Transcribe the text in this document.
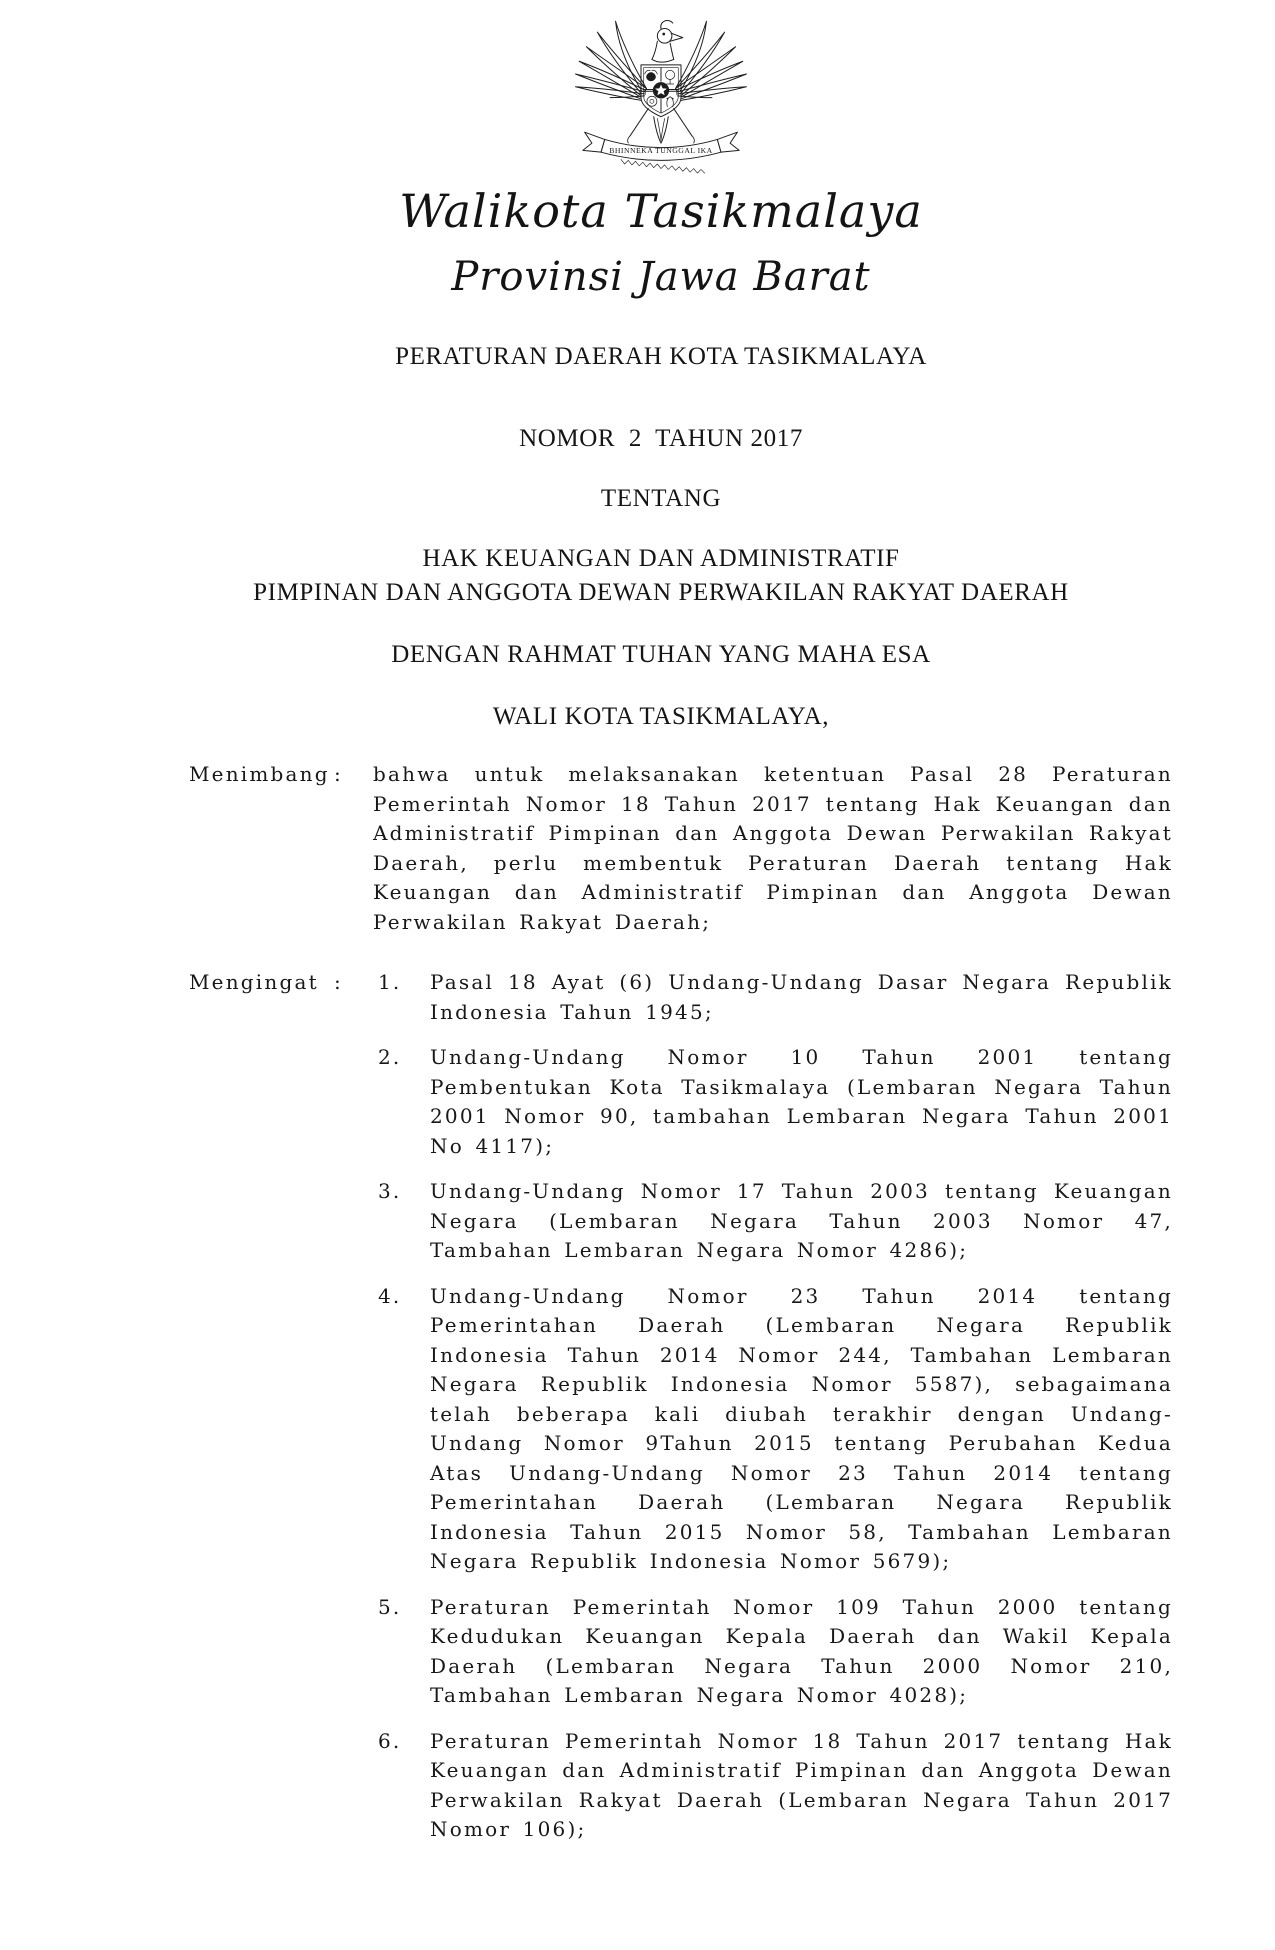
BHINNEKA TUNGGAL IKA
Walikota Tasikmalaya
Provinsi Jawa Barat
PERATURAN DAERAH KOTA TASIKMALAYA
NOMOR  2  TAHUN 2017
TENTANG
HAK KEUANGAN DAN ADMINISTRATIF
PIMPINAN DAN ANGGOTA DEWAN PERWAKILAN RAKYAT DAERAH
DENGAN RAHMAT TUHAN YANG MAHA ESA
WALI KOTA TASIKMALAYA,
Menimbang :	bahwa untuk melaksanakan ketentuan Pasal 28 Peraturan Pemerintah Nomor 18 Tahun 2017 tentang Hak Keuangan dan Administratif Pimpinan dan Anggota Dewan Perwakilan Rakyat Daerah, perlu membentuk Peraturan Daerah tentang Hak Keuangan dan Administratif Pimpinan dan Anggota Dewan Perwakilan Rakyat Daerah;
Mengingat :	1.	Pasal 18 Ayat (6) Undang-Undang Dasar Negara Republik Indonesia Tahun 1945;
2.	Undang-Undang Nomor 10 Tahun 2001 tentang Pembentukan Kota Tasikmalaya (Lembaran Negara Tahun 2001 Nomor 90, tambahan Lembaran Negara Tahun 2001 No 4117);
3.	Undang-Undang Nomor 17 Tahun 2003 tentang Keuangan Negara (Lembaran Negara Tahun 2003 Nomor 47, Tambahan Lembaran Negara Nomor 4286);
4.	Undang-Undang Nomor 23 Tahun 2014 tentang Pemerintahan Daerah (Lembaran Negara Republik Indonesia Tahun 2014 Nomor 244, Tambahan Lembaran Negara Republik Indonesia Nomor 5587), sebagaimana telah beberapa kali diubah terakhir dengan Undang- Undang Nomor 9Tahun 2015 tentang Perubahan Kedua Atas Undang-Undang Nomor 23 Tahun 2014 tentang Pemerintahan Daerah (Lembaran Negara Republik Indonesia Tahun 2015 Nomor 58, Tambahan Lembaran Negara Republik Indonesia Nomor 5679);
5.	Peraturan Pemerintah Nomor 109 Tahun 2000 tentang Kedudukan Keuangan Kepala Daerah dan Wakil Kepala Daerah (Lembaran Negara Tahun 2000 Nomor 210, Tambahan Lembaran Negara Nomor 4028);
6.	Peraturan Pemerintah Nomor 18 Tahun 2017 tentang Hak Keuangan dan Administratif Pimpinan dan Anggota Dewan Perwakilan Rakyat Daerah (Lembaran Negara Tahun 2017 Nomor 106);
